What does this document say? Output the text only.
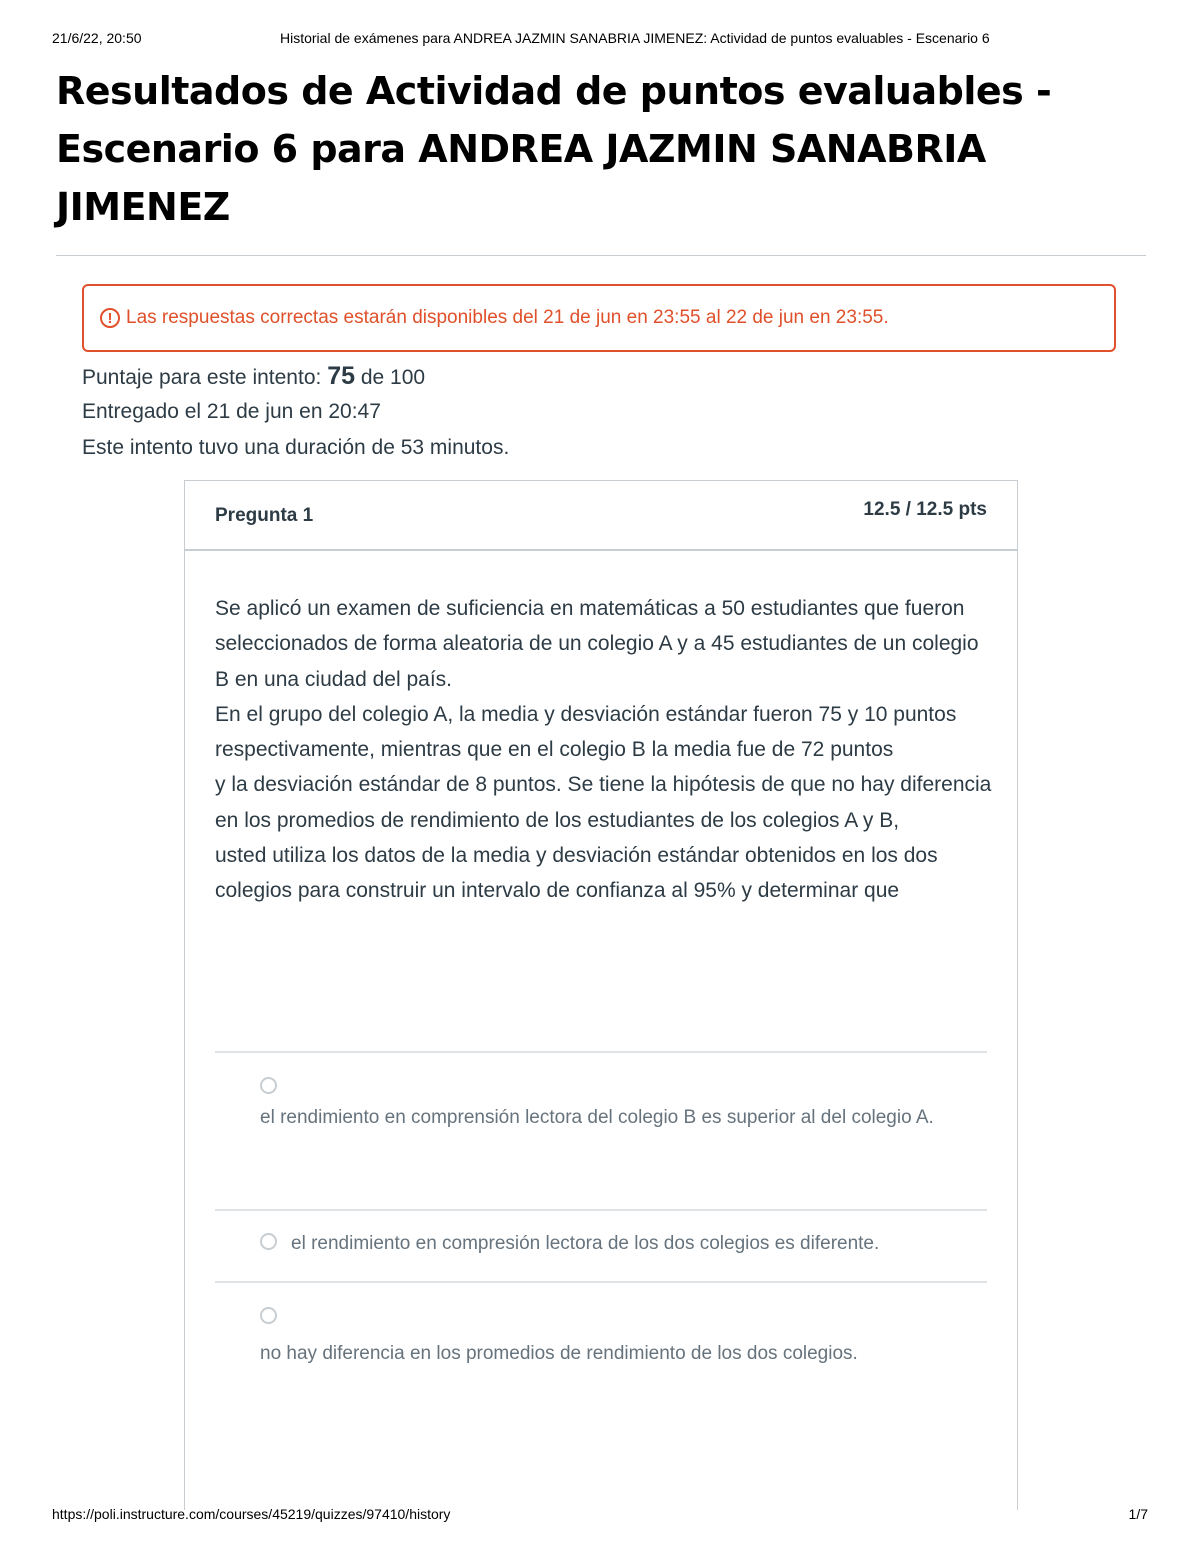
21/6/22, 20:50	Historial de exámenes para ANDREA JAZMIN SANABRIA JIMENEZ: Actividad de puntos evaluables - Escenario 6
Resultados de Actividad de puntos evaluables - Escenario 6 para ANDREA JAZMIN SANABRIA JIMENEZ
! Las respuestas correctas estarán disponibles del 21 de jun en 23:55 al 22 de jun en 23:55.
Puntaje para este intento: 75 de 100
Entregado el 21 de jun en 20:47
Este intento tuvo una duración de 53 minutos.
Pregunta 1	12.5 / 12.5 pts

Se aplicó un examen de suficiencia en matemáticas a 50 estudiantes que fueron seleccionados de forma aleatoria de un colegio A y a 45 estudiantes de un colegio B en una ciudad del país.

En el grupo del colegio A, la media y desviación estándar fueron 75 y 10 puntos respectivamente, mientras que en el colegio B la media fue de 72 puntos

y la desviación estándar de 8 puntos. Se tiene la hipótesis de que no hay diferencia en los promedios de rendimiento de los estudiantes de los colegios A y B,

usted utiliza los datos de la media y desviación estándar obtenidos en los dos colegios para construir un intervalo de confianza al 95% y determinar que

el rendimiento en comprensión lectora del colegio B es superior al del colegio A.
el rendimiento en compresión lectora de los dos colegios es diferente.
no hay diferencia en los promedios de rendimiento de los dos colegios.
https://poli.instructure.com/courses/45219/quizzes/97410/history	1/7
